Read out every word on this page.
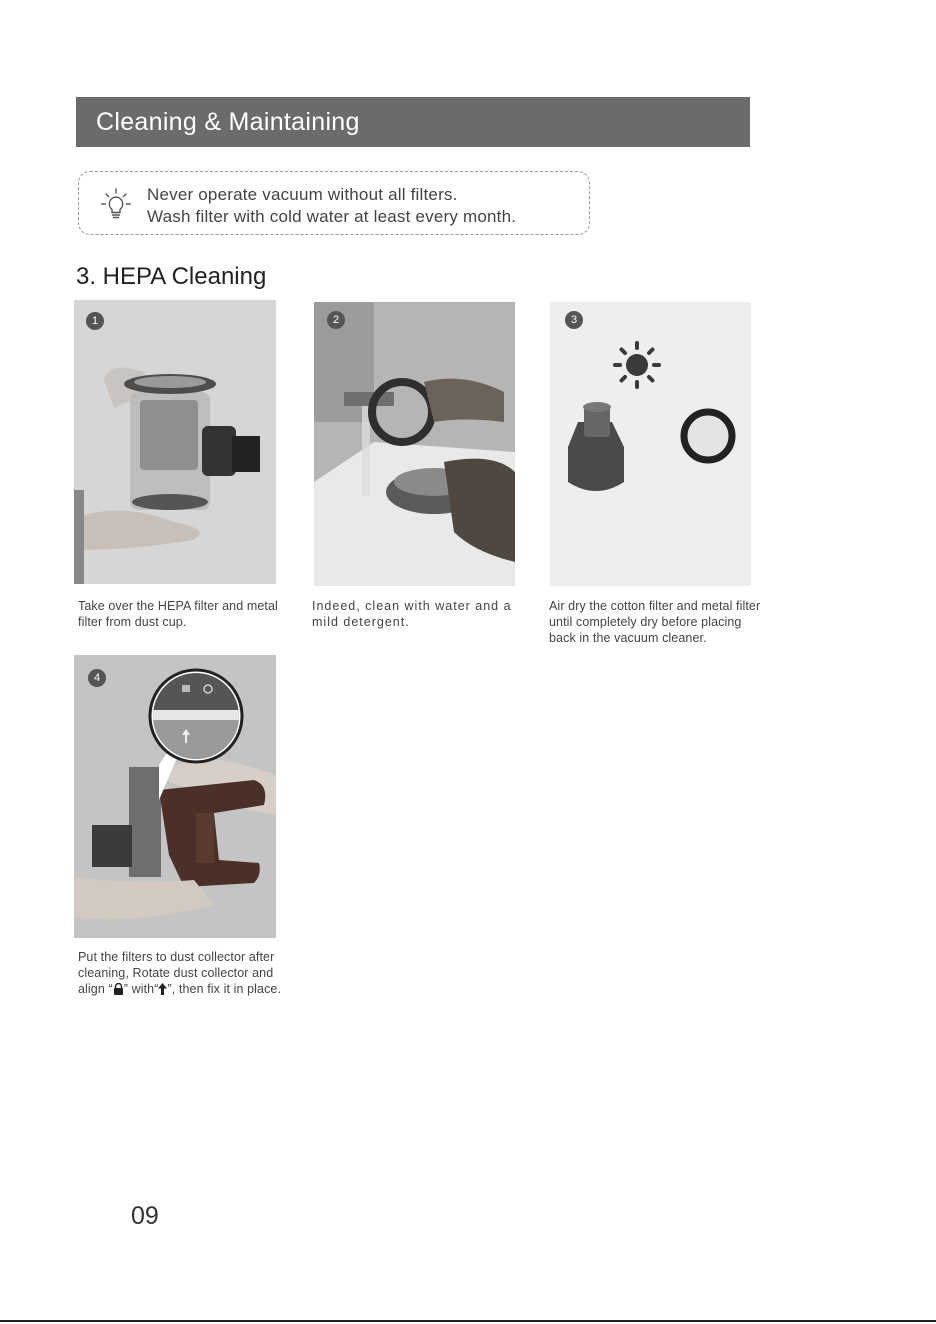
Cleaning & Maintaining
Never operate vacuum without all filters.
Wash filter with cold water at least every month.
3. HEPA Cleaning
1
Take over the HEPA filter and metal filter from dust cup.
2
Indeed, clean with water and a mild detergent.
3
Air dry the cotton filter and metal filter until completely dry before placing back in the vacuum cleaner.
4
Put the filters to dust collector after cleaning, Rotate dust collector and align “ ” with“ ”, then fix it in place.
09
